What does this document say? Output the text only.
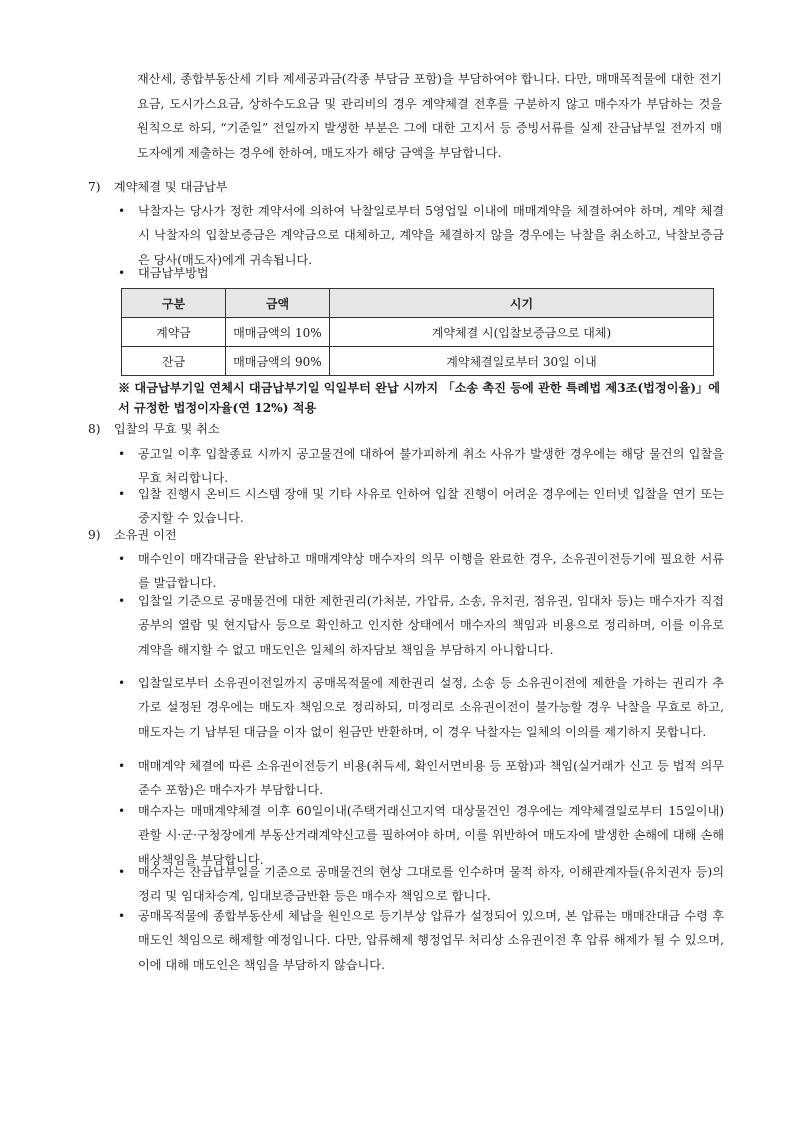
재산세, 종합부동산세 기타 제세공과금(각종 부담금 포함)을 부담하여야 합니다. 다만, 매매목적물에 대한 전기요금, 도시가스요금, 상하수도요금 및 관리비의 경우 계약체결 전후를 구분하지 않고 매수자가 부담하는 것을 원칙으로 하되, “기준일” 전일까지 발생한 부분은 그에 대한 고지서 등 증빙서류를 실제 잔금납부일 전까지 매도자에게 제출하는 경우에 한하여, 매도자가 해당 금액을 부담합니다.

7) 계약체결 및 대금납부

•	낙찰자는 당사가 정한 계약서에 의하여 낙찰일로부터 5영업일 이내에 매매계약을 체결하여야 하며, 계약 체결 시 낙찰자의 입찰보증금은 계약금으로 대체하고, 계약을 체결하지 않을 경우에는 낙찰을 취소하고, 낙찰보증금은 당사(매도자)에게 귀속됩니다.
•	대금납부방법
구분	금액	시기
계약금	매매금액의 10%	계약체결 시(입찰보증금으로 대체)
잔금	매매금액의 90%	계약체결일로부터 30일 이내

※ 대금납부기일 연체시 대금납부기일 익일부터 완납 시까지 「소송 촉진 등에 관한 특례법 제3조(법정이율)」에서 규정한 법정이자율(연 12%) 적용

8) 입찰의 무효 및 취소

•	공고일 이후 입찰종료 시까지 공고물건에 대하여 불가피하게 취소 사유가 발생한 경우에는 해당 물건의 입찰을 무효 처리합니다.
•	입찰 진행시 온비드 시스템 장애 및 기타 사유로 인하여 입찰 진행이 어려운 경우에는 인터넷 입찰을 연기 또는 중지할 수 있습니다.

9) 소유권 이전

•	매수인이 매각대금을 완납하고 매매계약상 매수자의 의무 이행을 완료한 경우, 소유권이전등기에 필요한 서류를 발급합니다.
•	입찰일 기준으로 공매물건에 대한 제한권리(가처분, 가압류, 소송, 유치권, 점유권, 임대차 등)는 매수자가 직접 공부의 열람 및 현지답사 등으로 확인하고 인지한 상태에서 매수자의 책임과 비용으로 정리하며, 이를 이유로 계약을 해지할 수 없고 매도인은 일체의 하자담보 책임을 부담하지 아니합니다.
•	입찰일로부터 소유권이전일까지 공매목적물에 제한권리 설정, 소송 등 소유권이전에 제한을 가하는 권리가 추가로 설정된 경우에는 매도자 책임으로 정리하되, 미정리로 소유권이전이 불가능할 경우 낙찰을 무효로 하고, 매도자는 기 납부된 대금을 이자 없이 원금만 반환하며, 이 경우 낙찰자는 일체의 이의를 제기하지 못합니다.
•	매매계약 체결에 따른 소유권이전등기 비용(취득세, 확인서면비용 등 포함)과 책임(실거래가 신고 등 법적 의무 준수 포함)은 매수자가 부담합니다.
•	매수자는 매매계약체결 이후 60일이내(주택거래신고지역 대상물건인 경우에는 계약체결일로부터 15일이내) 관할 시·군·구청장에게 부동산거래계약신고를 필하여야 하며, 이를 위반하여 매도자에 발생한 손해에 대해 손해배상책임을 부담합니다.
•	매수자는 잔금납부일을 기준으로 공매물건의 현상 그대로를 인수하며 물적 하자, 이해관계자들(유치권자 등)의 정리 및 임대차승계, 임대보증금반환 등은 매수자 책임으로 합니다.
•	공매목적물에 종합부동산세 체납을 원인으로 등기부상 압류가 설정되어 있으며, 본 압류는 매매잔대금 수령 후 매도인 책임으로 해제할 예정입니다. 다만, 압류해제 행정업무 처리상 소유권이전 후 압류 해제가 될 수 있으며, 이에 대해 매도인은 책임을 부담하지 않습니다.
